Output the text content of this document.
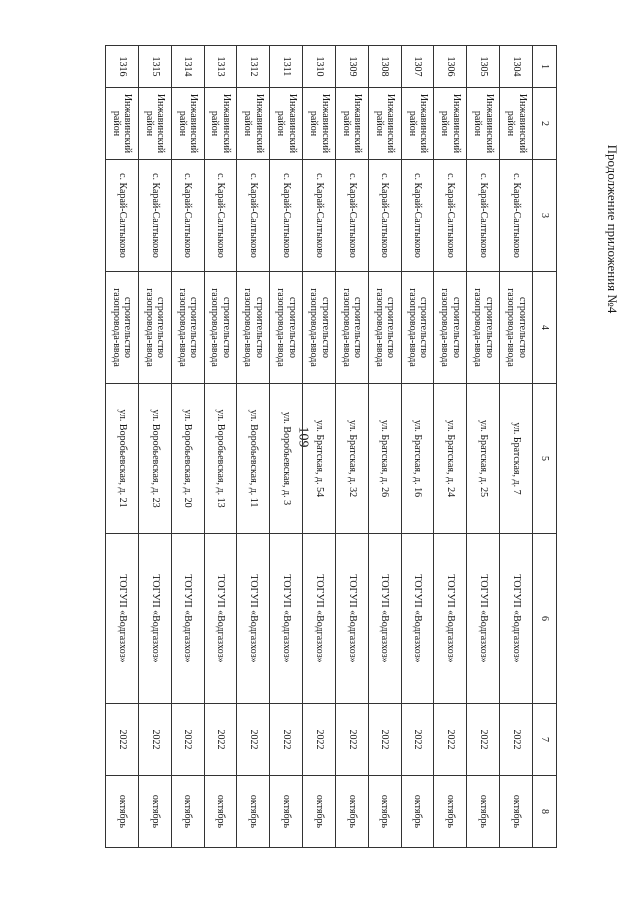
109
Продолжение приложения №4
1	2	3	4	5	6	7	8
1304	Инжавинский район	с. Карай-Салтыково	строительство газопровода-ввода	ул. Братская, д. 7	ТОГУП «Водгазхоз»	2022	октябрь
1305	Инжавинский район	с. Карай-Салтыково	строительство газопровода-ввода	ул. Братская, д. 25	ТОГУП «Водгазхоз»	2022	октябрь
1306	Инжавинский район	с. Карай-Салтыково	строительство газопровода-ввода	ул. Братская, д. 24	ТОГУП «Водгазхоз»	2022	октябрь
1307	Инжавинский район	с. Карай-Салтыково	строительство газопровода-ввода	ул. Братская, д. 16	ТОГУП «Водгазхоз»	2022	октябрь
1308	Инжавинский район	с. Карай-Салтыково	строительство газопровода-ввода	ул. Братская, д. 26	ТОГУП «Водгазхоз»	2022	октябрь
1309	Инжавинский район	с. Карай-Салтыково	строительство газопровода-ввода	ул. Братская, д. 32	ТОГУП «Водгазхоз»	2022	октябрь
1310	Инжавинский район	с. Карай-Салтыково	строительство газопровода-ввода	ул. Братская, д. 54	ТОГУП «Водгазхоз»	2022	октябрь
1311	Инжавинский район	с. Карай-Салтыково	строительство газопровода-ввода	ул. Воробьевская, д. 3	ТОГУП «Водгазхоз»	2022	октябрь
1312	Инжавинский район	с. Карай-Салтыково	строительство газопровода-ввода	ул. Воробьевская, д. 11	ТОГУП «Водгазхоз»	2022	октябрь
1313	Инжавинский район	с. Карай-Салтыково	строительство газопровода-ввода	ул. Воробьевская, д. 13	ТОГУП «Водгазхоз»	2022	октябрь
1314	Инжавинский район	с. Карай-Салтыково	строительство газопровода-ввода	ул. Воробьевская, д. 20	ТОГУП «Водгазхоз»	2022	октябрь
1315	Инжавинский район	с. Карай-Салтыково	строительство газопровода-ввода	ул. Воробьевская, д. 23	ТОГУП «Водгазхоз»	2022	октябрь
1316	Инжавинский район	с. Карай-Салтыково	строительство газопровода-ввода	ул. Воробьевская, д. 21	ТОГУП «Водгазхоз»	2022	октябрь
